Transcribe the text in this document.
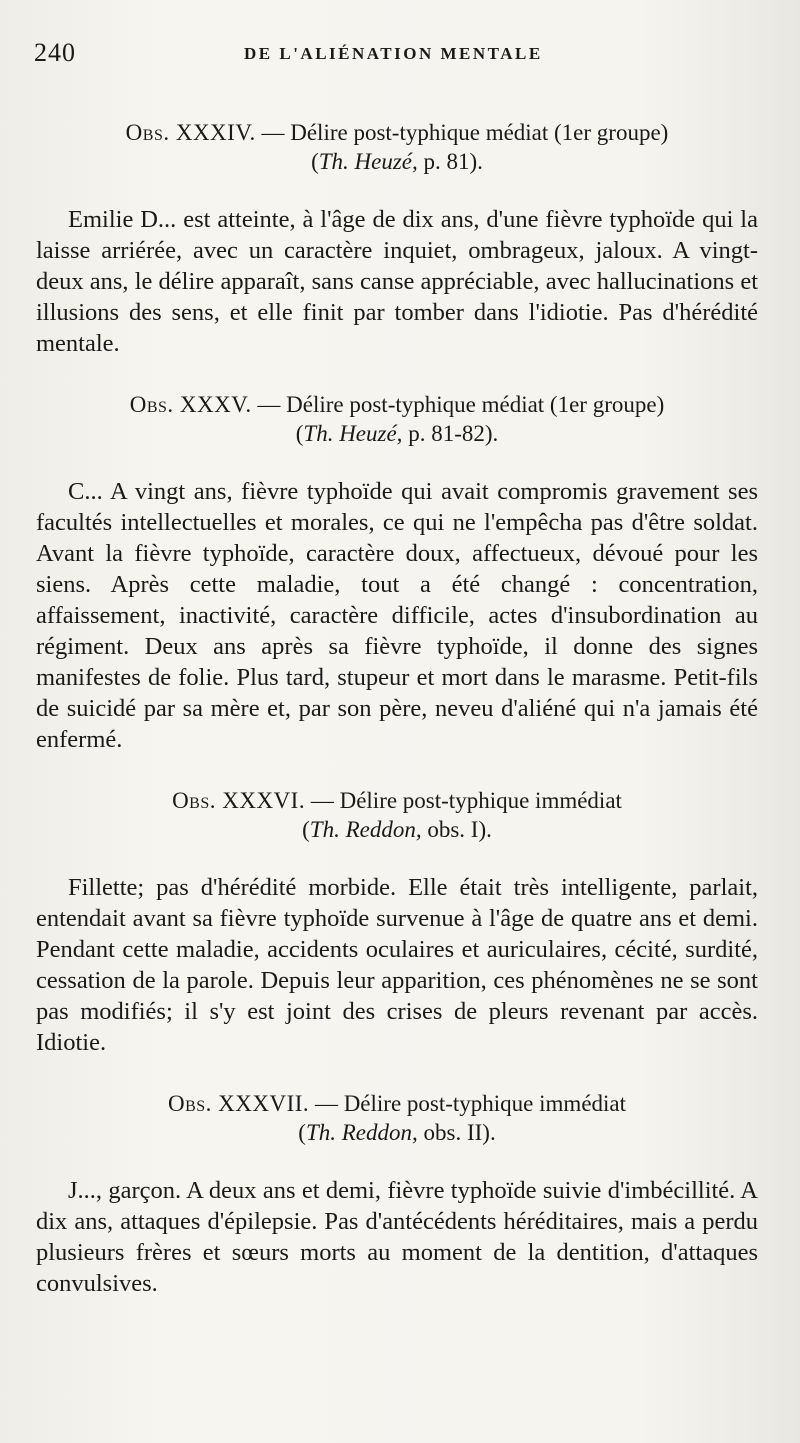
240	DE L'ALIÉNATION MENTALE
Obs. XXXIV. — Délire post-typhique médiat (1er groupe)
(Th. Heuzé, p. 81).

Emilie D... est atteinte, à l'âge de dix ans, d'une fièvre typhoïde qui la laisse arriérée, avec un caractère inquiet, ombrageux, jaloux. A vingt-deux ans, le délire apparaît, sans canse appréciable, avec hallucinations et illusions des sens, et elle finit par tomber dans l'idiotie. Pas d'hérédité mentale.

Obs. XXXV. — Délire post-typhique médiat (1er groupe)
(Th. Heuzé, p. 81-82).

C... A vingt ans, fièvre typhoïde qui avait compromis gravement ses facultés intellectuelles et morales, ce qui ne l'empêcha pas d'être soldat. Avant la fièvre typhoïde, caractère doux, affectueux, dévoué pour les siens. Après cette maladie, tout a été changé : concentration, affaissement, inactivité, caractère difficile, actes d'insubordination au régiment. Deux ans après sa fièvre typhoïde, il donne des signes manifestes de folie. Plus tard, stupeur et mort dans le marasme. Petit-fils de suicidé par sa mère et, par son père, neveu d'aliéné qui n'a jamais été enfermé.

Obs. XXXVI. — Délire post-typhique immédiat
(Th. Reddon, obs. I).

Fillette; pas d'hérédité morbide. Elle était très intelligente, parlait, entendait avant sa fièvre typhoïde survenue à l'âge de quatre ans et demi. Pendant cette maladie, accidents oculaires et auriculaires, cécité, surdité, cessation de la parole. Depuis leur apparition, ces phénomènes ne se sont pas modifiés; il s'y est joint des crises de pleurs revenant par accès. Idiotie.

Obs. XXXVII. — Délire post-typhique immédiat
(Th. Reddon, obs. II).

J..., garçon. A deux ans et demi, fièvre typhoïde suivie d'imbécillité. A dix ans, attaques d'épilepsie. Pas d'antécédents héréditaires, mais a perdu plusieurs frères et sœurs morts au moment de la dentition, d'attaques convulsives.
